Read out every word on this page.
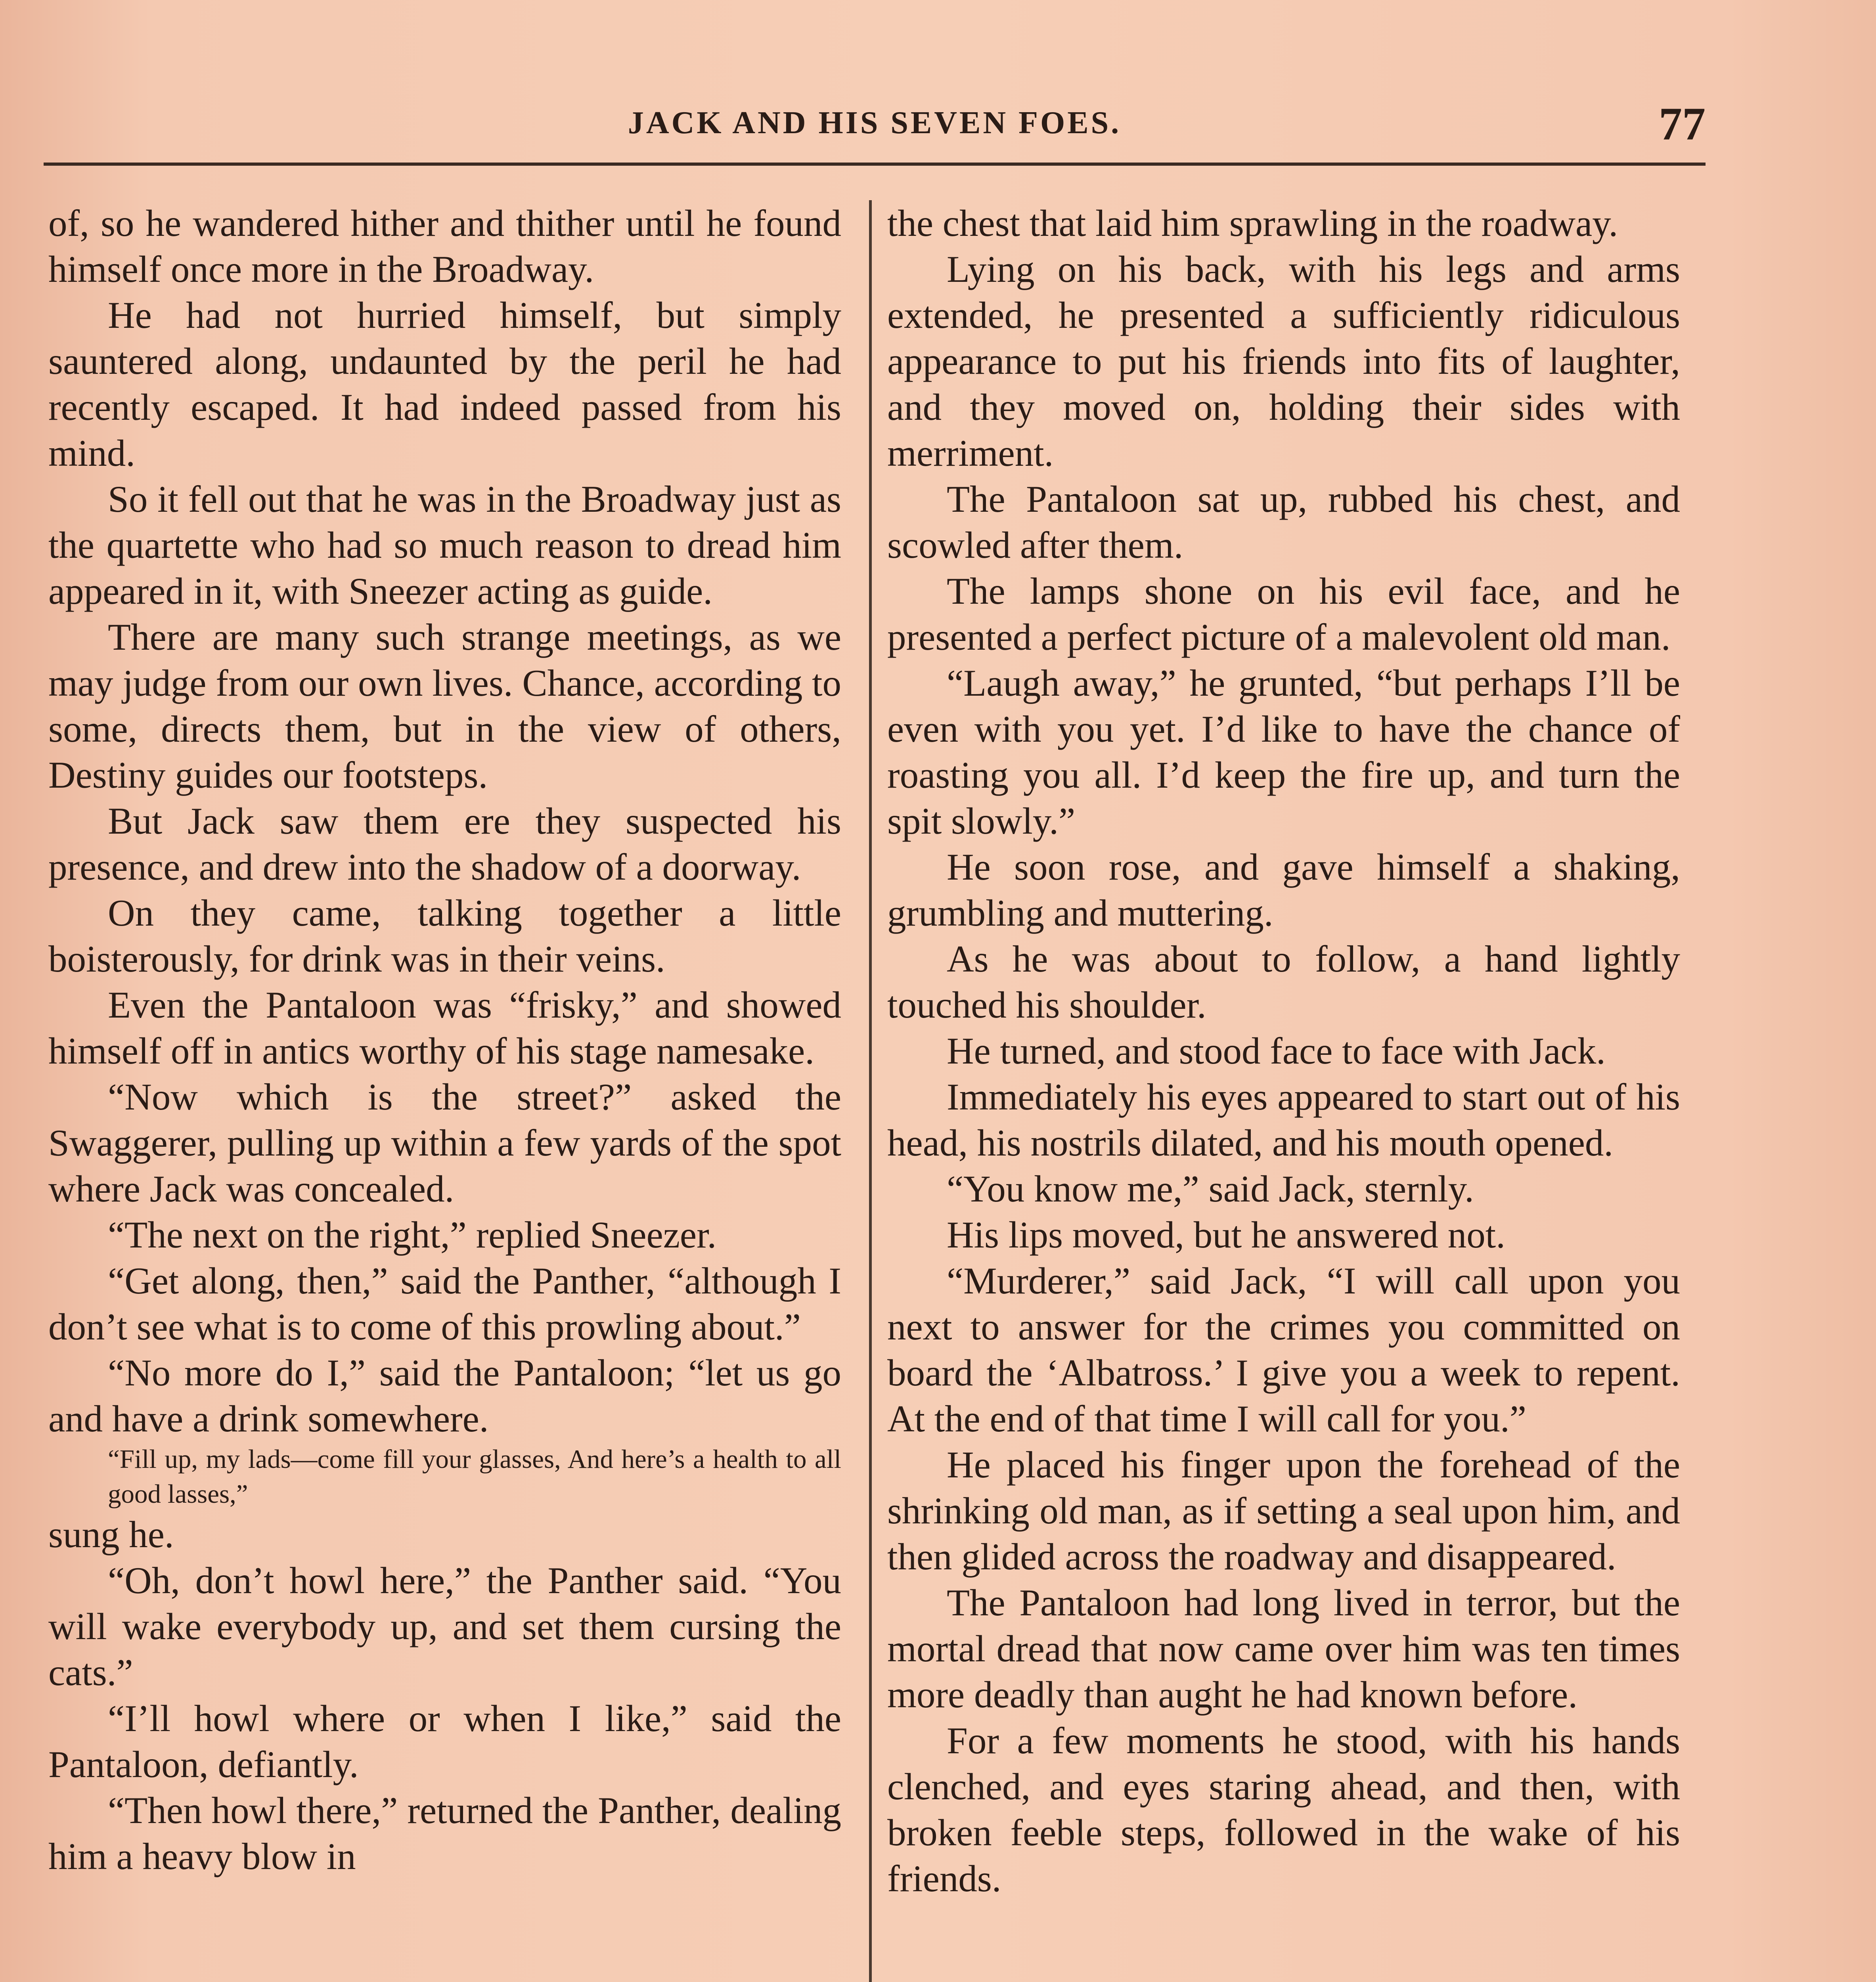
JACK AND HIS SEVEN FOES.	77

of, so he wandered hither and thither until he found himself once more in the Broadway.

He had not hurried himself, but simply sauntered along, undaunted by the peril he had recently escaped. It had indeed passed from his mind.

So it fell out that he was in the Broadway just as the quartette who had so much reason to dread him appeared in it, with Sneezer acting as guide.

There are many such strange meetings, as we may judge from our own lives. Chance, according to some, directs them, but in the view of others, Destiny guides our footsteps.

But Jack saw them ere they suspected his presence, and drew into the shadow of a doorway.

On they came, talking together a little boisterously, for drink was in their veins.

Even the Pantaloon was “frisky,” and showed himself off in antics worthy of his stage namesake.

“Now which is the street?” asked the Swaggerer, pulling up within a few yards of the spot where Jack was concealed.

“The next on the right,” replied Sneezer.

“Get along, then,” said the Panther, “although I don’t see what is to come of this prowling about.”

“No more do I,” said the Pantaloon; “let us go and have a drink somewhere.

“Fill up, my lads—come fill your glasses, And here’s a health to all good lasses,”

sung he.

“Oh, don’t howl here,” the Panther said. “You will wake everybody up, and set them cursing the cats.”

“I’ll howl where or when I like,” said the Pantaloon, defiantly.

“Then howl there,” returned the Panther, dealing him a heavy blow in

the chest that laid him sprawling in the roadway.

Lying on his back, with his legs and arms extended, he presented a sufficiently ridiculous appearance to put his friends into fits of laughter, and they moved on, holding their sides with merriment.

The Pantaloon sat up, rubbed his chest, and scowled after them.

The lamps shone on his evil face, and he presented a perfect picture of a malevolent old man.

“Laugh away,” he grunted, “but perhaps I’ll be even with you yet. I’d like to have the chance of roasting you all. I’d keep the fire up, and turn the spit slowly.”

He soon rose, and gave himself a shaking, grumbling and muttering.

As he was about to follow, a hand lightly touched his shoulder.

He turned, and stood face to face with Jack.

Immediately his eyes appeared to start out of his head, his nostrils dilated, and his mouth opened.

“You know me,” said Jack, sternly.

His lips moved, but he answered not.

“Murderer,” said Jack, “I will call upon you next to answer for the crimes you committed on board the ‘Albatross.’ I give you a week to repent. At the end of that time I will call for you.”

He placed his finger upon the forehead of the shrinking old man, as if setting a seal upon him, and then glided across the roadway and disappeared.

The Pantaloon had long lived in terror, but the mortal dread that now came over him was ten times more deadly than aught he had known before.

For a few moments he stood, with his hands clenched, and eyes staring ahead, and then, with broken feeble steps, followed in the wake of his friends.
